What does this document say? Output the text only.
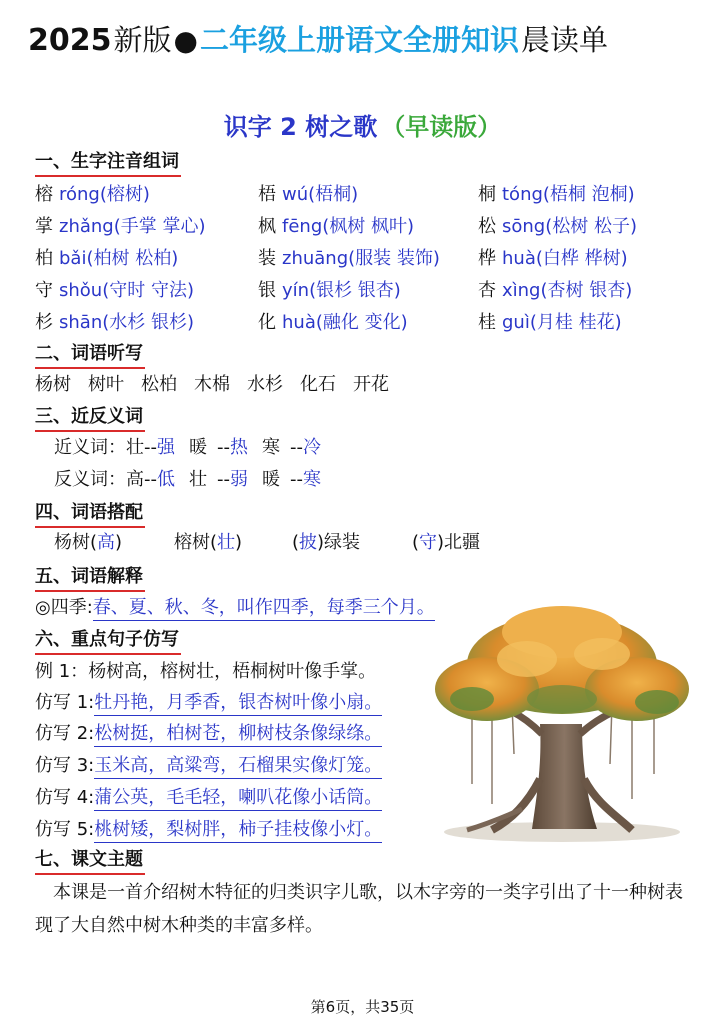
2025 新版 ● 二年级上册语文全册知识 晨读单
识字 2 树之歌 （早读版）
一、生字注音组词
榕 róng(榕树)	梧 wú(梧桐)	桐 tóng(梧桐 泡桐)
掌 zhǎng(手掌 掌心)	枫 fēng(枫树 枫叶)	松 sōng(松树 松子)
柏 bǎi(柏树 松柏)	装 zhuāng(服装 装饰) 桦 huà(白桦 桦树)
守 shǒu(守时 守法)	银 yín(银杉 银杏)	杏 xìng(杏树 银杏)
杉 shān(水杉 银杉)	化 huà(融化 变化)	桂 guì(月桂 桂花)
二、词语听写
杨树 树叶 松柏 木棉 水杉 化石 开花
三、近反义词
近义词：壮--强 暖 --热 寒 --冷
反义词：高--低 壮 --弱 暖 --寒
四、词语搭配
杨树(高)	榕树(壮)	(披)绿装	(守)北疆
五、词语解释
◎四季:春、夏、秋、冬，叫作四季，每季三个月。
六、重点句子仿写
例 1：杨树高，榕树壮，梧桐树叶像手掌。
仿写 1:牡丹艳，月季香，银杏树叶像小扇。
仿写 2:松树挺，柏树苍，柳树枝条像绿绦。
仿写 3:玉米高，高粱弯，石榴果实像灯笼。
仿写 4:蒲公英，毛毛轻，喇叭花像小话筒。
仿写 5:桃树矮，梨树胖，柿子挂枝像小灯。
七、课文主题
本课是一首介绍树木特征的归类识字儿歌，以木字旁的一类字引出了十一种树表现了大自然中树木种类的丰富多样。
第6页，共35页
